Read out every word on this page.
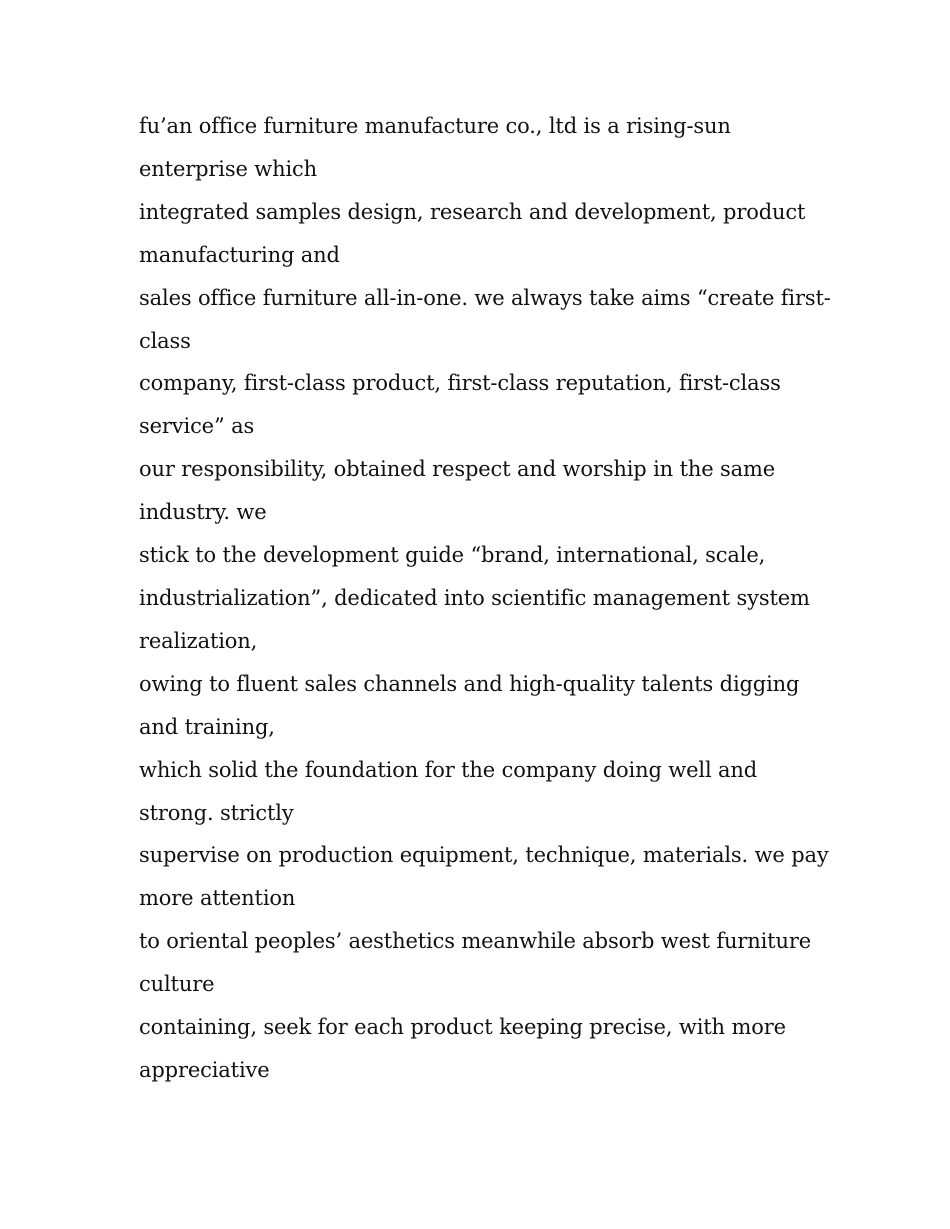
fu’an office furniture manufacture co., ltd is a rising-sun
enterprise which
integrated samples design, research and development, product
manufacturing and
sales office furniture all-in-one. we always take aims “create first-
class
company, first-class product, first-class reputation, first-class
service” as
our responsibility, obtained respect and worship in the same
industry. we
stick to the development guide “brand, international, scale,
industrialization”, dedicated into scientific management system
realization,
owing to fluent sales channels and high-quality talents digging
and training,
which solid the foundation for the company doing well and
strong. strictly
supervise on production equipment, technique, materials. we pay
more attention
to oriental peoples’ aesthetics meanwhile absorb west furniture
culture
containing, seek for each product keeping precise, with more
appreciative
